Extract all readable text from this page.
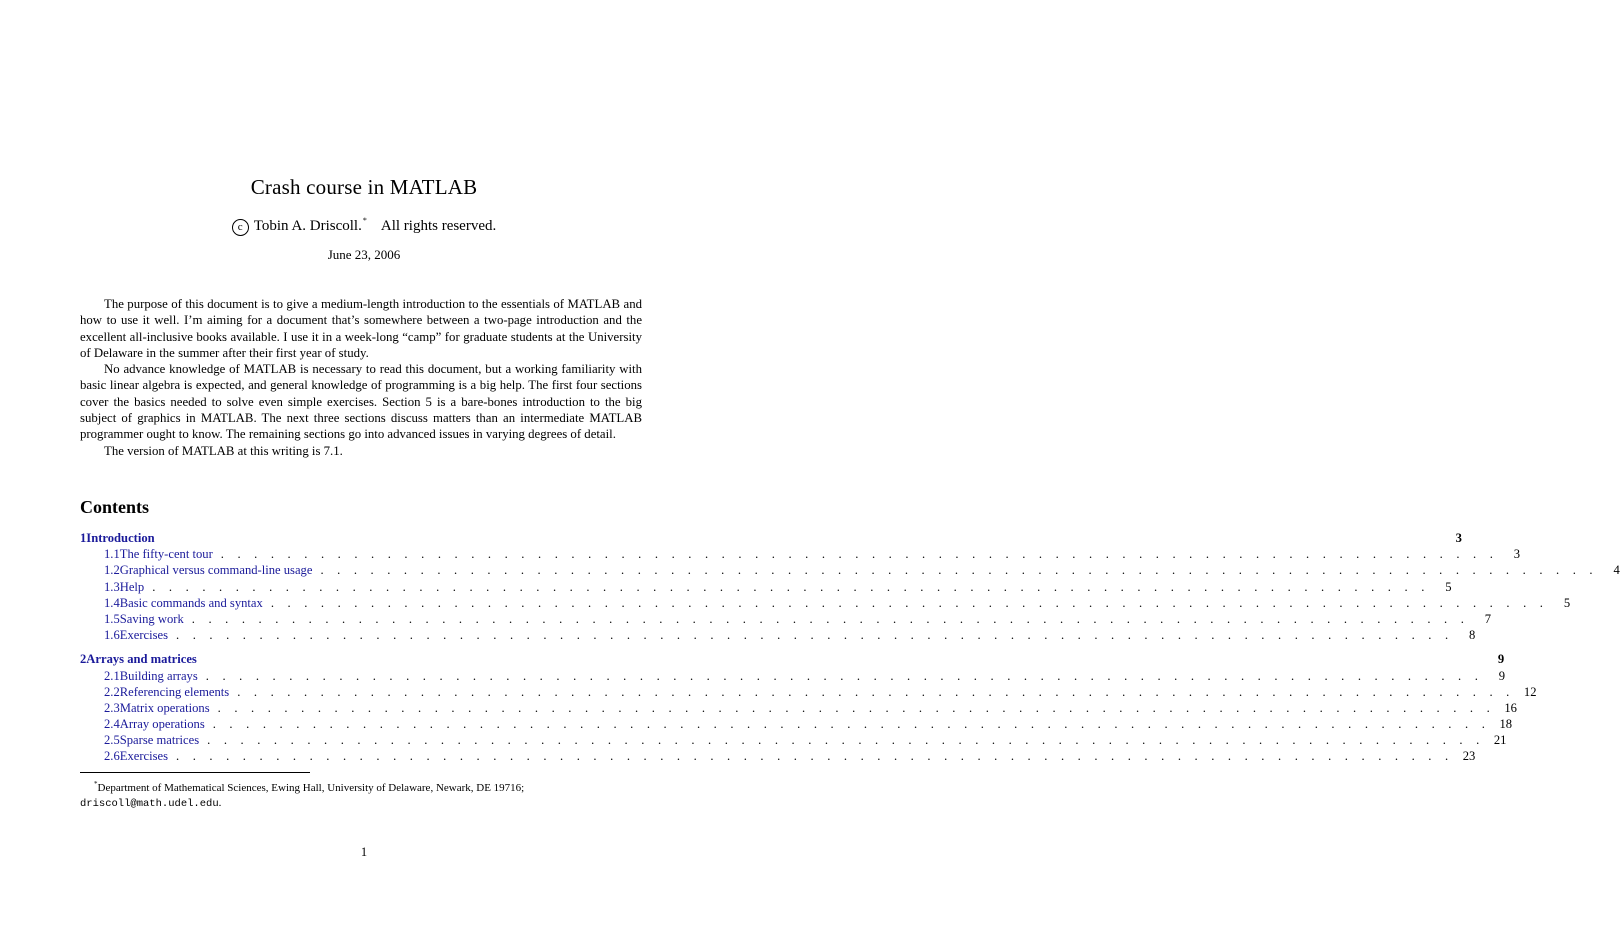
Crash course in MATLAB
c Tobin A. Driscoll.* All rights reserved.
June 23, 2006

The purpose of this document is to give a medium-length introduction to the essentials of MATLAB and how to use it well. I’m aiming for a document that’s somewhere between a two-page introduction and the excellent all-inclusive books available. I use it in a week-long “camp” for graduate students at the University of Delaware in the summer after their first year of study.

No advance knowledge of MATLAB is necessary to read this document, but a working familiarity with basic linear algebra is expected, and general knowledge of programming is a big help. The first four sections cover the basics needed to solve even simple exercises. Section 5 is a bare-bones introduction to the big subject of graphics in MATLAB. The next three sections discuss matters than an intermediate MATLAB programmer ought to know. The remaining sections go into advanced issues in varying degrees of detail.

The version of MATLAB at this writing is 7.1.

Contents
1 Introduction	3
1.1 The fifty-cent tour . . . . . . . . . . . . . . . . . . . . . . . . . . . . . . . . . . . . . . . . . . . . . . . . . . . . . . . . . . . . . . . . . . . . . . . . . . . . .	3
1.2 Graphical versus command-line usage . . . . . . . . . . . . . . . . . . . . . . . . . . . . . . . . . . . . . . . . . . . . . . . . . . . . . . . . . . . . . . . . . . . . . . . . . . . . .	4
1.3 Help . . . . . . . . . . . . . . . . . . . . . . . . . . . . . . . . . . . . . . . . . . . . . . . . . . . . . . . . . . . . . . . . . . . . . . . . . . . . .	5
1.4 Basic commands and syntax . . . . . . . . . . . . . . . . . . . . . . . . . . . . . . . . . . . . . . . . . . . . . . . . . . . . . . . . . . . . . . . . . . . . . . . . . . . . .	5
1.5 Saving work . . . . . . . . . . . . . . . . . . . . . . . . . . . . . . . . . . . . . . . . . . . . . . . . . . . . . . . . . . . . . . . . . . . . . . . . . . . . .	7
1.6 Exercises . . . . . . . . . . . . . . . . . . . . . . . . . . . . . . . . . . . . . . . . . . . . . . . . . . . . . . . . . . . . . . . . . . . . . . . . . . . . .	8
2 Arrays and matrices	9
2.1 Building arrays . . . . . . . . . . . . . . . . . . . . . . . . . . . . . . . . . . . . . . . . . . . . . . . . . . . . . . . . . . . . . . . . . . . . . . . . . . . . .	9
2.2 Referencing elements . . . . . . . . . . . . . . . . . . . . . . . . . . . . . . . . . . . . . . . . . . . . . . . . . . . . . . . . . . . . . . . . . . . . . . . . . . . . . 12
2.3 Matrix operations . . . . . . . . . . . . . . . . . . . . . . . . . . . . . . . . . . . . . . . . . . . . . . . . . . . . . . . . . . . . . . . . . . . . . . . . . . . . . 16
2.4 Array operations . . . . . . . . . . . . . . . . . . . . . . . . . . . . . . . . . . . . . . . . . . . . . . . . . . . . . . . . . . . . . . . . . . . . . . . . . . . . . 18
2.5 Sparse matrices . . . . . . . . . . . . . . . . . . . . . . . . . . . . . . . . . . . . . . . . . . . . . . . . . . . . . . . . . . . . . . . . . . . . . . . . . . . . . 21
2.6 Exercises . . . . . . . . . . . . . . . . . . . . . . . . . . . . . . . . . . . . . . . . . . . . . . . . . . . . . . . . . . . . . . . . . . . . . . . . . . . . . 23
*Department of Mathematical Sciences, Ewing Hall, University of Delaware, Newark, DE 19716;
driscoll@math.udel.edu.
1
